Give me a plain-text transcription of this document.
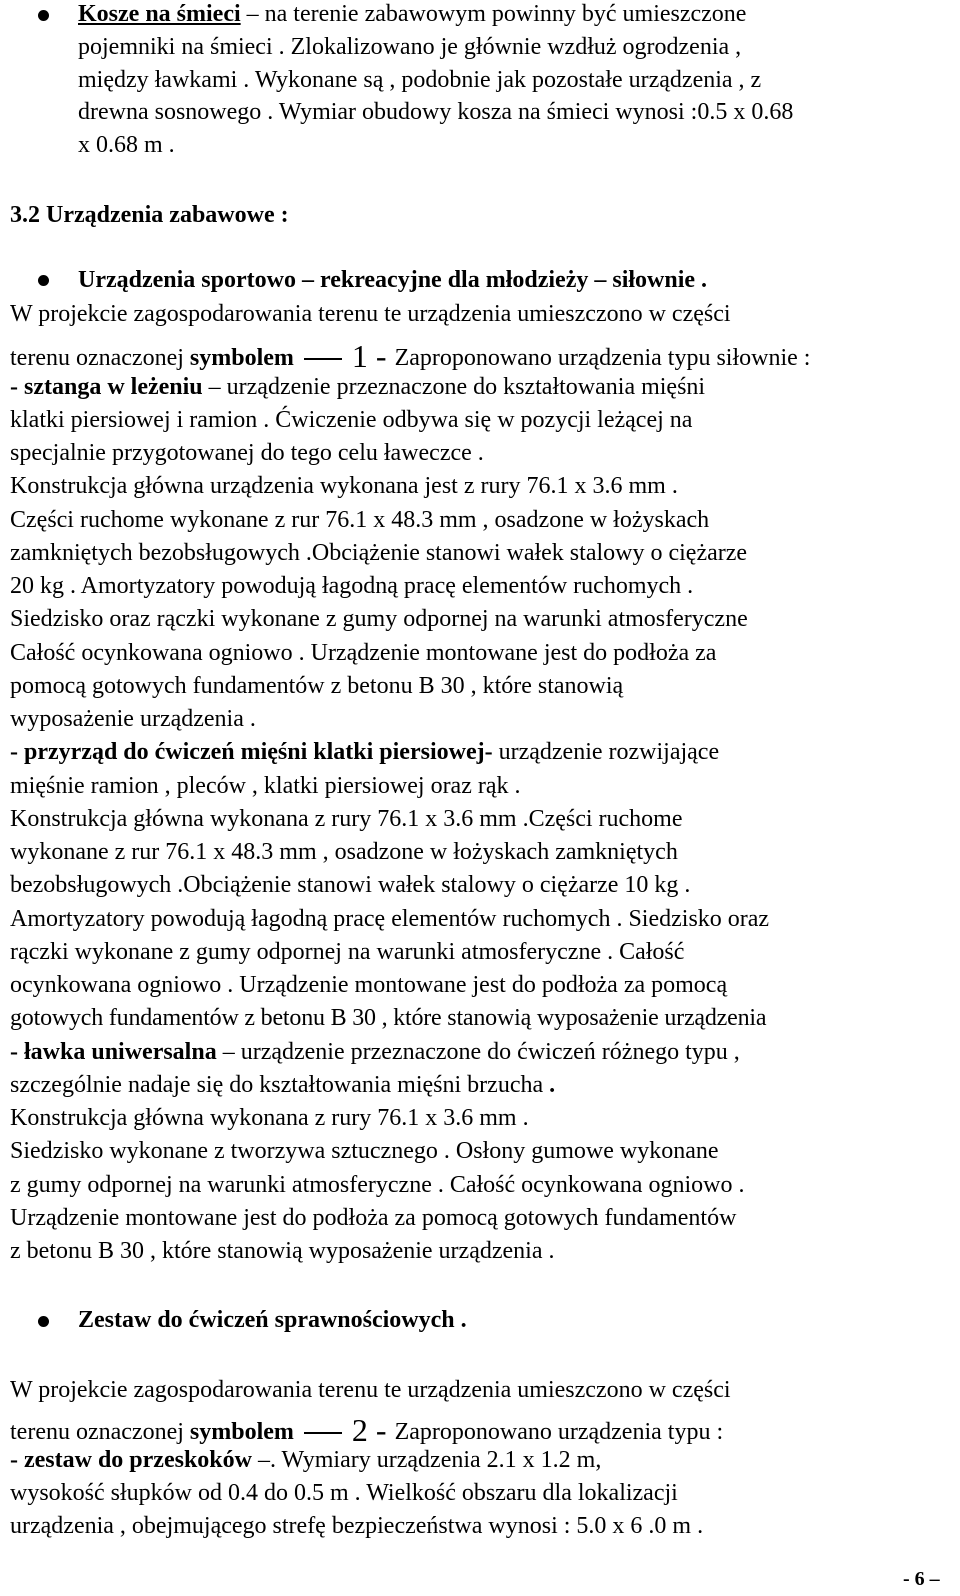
Kosze na śmieci – na terenie zabawowym powinny być umieszczone
pojemniki na śmieci . Zlokalizowano je głównie wzdłuż ogrodzenia ,
między ławkami . Wykonane są , podobnie jak pozostałe urządzenia , z
drewna sosnowego . Wymiar obudowy kosza na śmieci wynosi :0.5 x 0.68
x 0.68 m .
3.2 Urządzenia zabawowe :
Urządzenia sportowo – rekreacyjne dla młodzieży – siłownie .
W projekcie zagospodarowania terenu te urządzenia umieszczono w części
terenu oznaczonej symbolem 1 - Zaproponowano urządzenia typu siłownie :
- sztanga w leżeniu – urządzenie przeznaczone do kształtowania mięśni
klatki piersiowej i ramion . Ćwiczenie odbywa się w pozycji leżącej na
specjalnie przygotowanej do tego celu ławeczce .
Konstrukcja główna urządzenia wykonana jest z rury 76.1 x 3.6 mm .
Części ruchome wykonane z rur 76.1 x 48.3 mm , osadzone w łożyskach
zamkniętych bezobsługowych .Obciążenie stanowi wałek stalowy o ciężarze
20 kg . Amortyzatory powodują łagodną pracę elementów ruchomych .
Siedzisko oraz rączki wykonane z gumy odpornej na warunki atmosferyczne
Całość ocynkowana ogniowo . Urządzenie montowane jest do podłoża za
pomocą gotowych fundamentów z betonu B 30 , które stanowią
wyposażenie urządzenia .
- przyrząd do ćwiczeń mięśni klatki piersiowej- urządzenie rozwijające
mięśnie ramion , pleców , klatki piersiowej oraz rąk .
Konstrukcja główna wykonana z rury 76.1 x 3.6 mm .Części ruchome
wykonane z rur 76.1 x 48.3 mm , osadzone w łożyskach zamkniętych
bezobsługowych .Obciążenie stanowi wałek stalowy o ciężarze 10 kg .
Amortyzatory powodują łagodną pracę elementów ruchomych . Siedzisko oraz
rączki wykonane z gumy odpornej na warunki atmosferyczne . Całość
ocynkowana ogniowo . Urządzenie montowane jest do podłoża za pomocą
gotowych fundamentów z betonu B 30 , które stanowią wyposażenie urządzenia
- ławka uniwersalna – urządzenie przeznaczone do ćwiczeń różnego typu ,
szczególnie nadaje się do kształtowania mięśni brzucha .
Konstrukcja główna wykonana z rury 76.1 x 3.6 mm .
Siedzisko wykonane z tworzywa sztucznego . Osłony gumowe wykonane
z gumy odpornej na warunki atmosferyczne . Całość ocynkowana ogniowo .
Urządzenie montowane jest do podłoża za pomocą gotowych fundamentów
z betonu B 30 , które stanowią wyposażenie urządzenia .
Zestaw do ćwiczeń sprawnościowych .
W projekcie zagospodarowania terenu te urządzenia umieszczono w części
terenu oznaczonej symbolem 2 - Zaproponowano urządzenia typu :
- zestaw do przeskoków –. Wymiary urządzenia 2.1 x 1.2 m,
wysokość słupków od 0.4 do 0.5 m . Wielkość obszaru dla lokalizacji
urządzenia , obejmującego strefę bezpieczeństwa wynosi : 5.0 x 6 .0 m .
- 6 –
